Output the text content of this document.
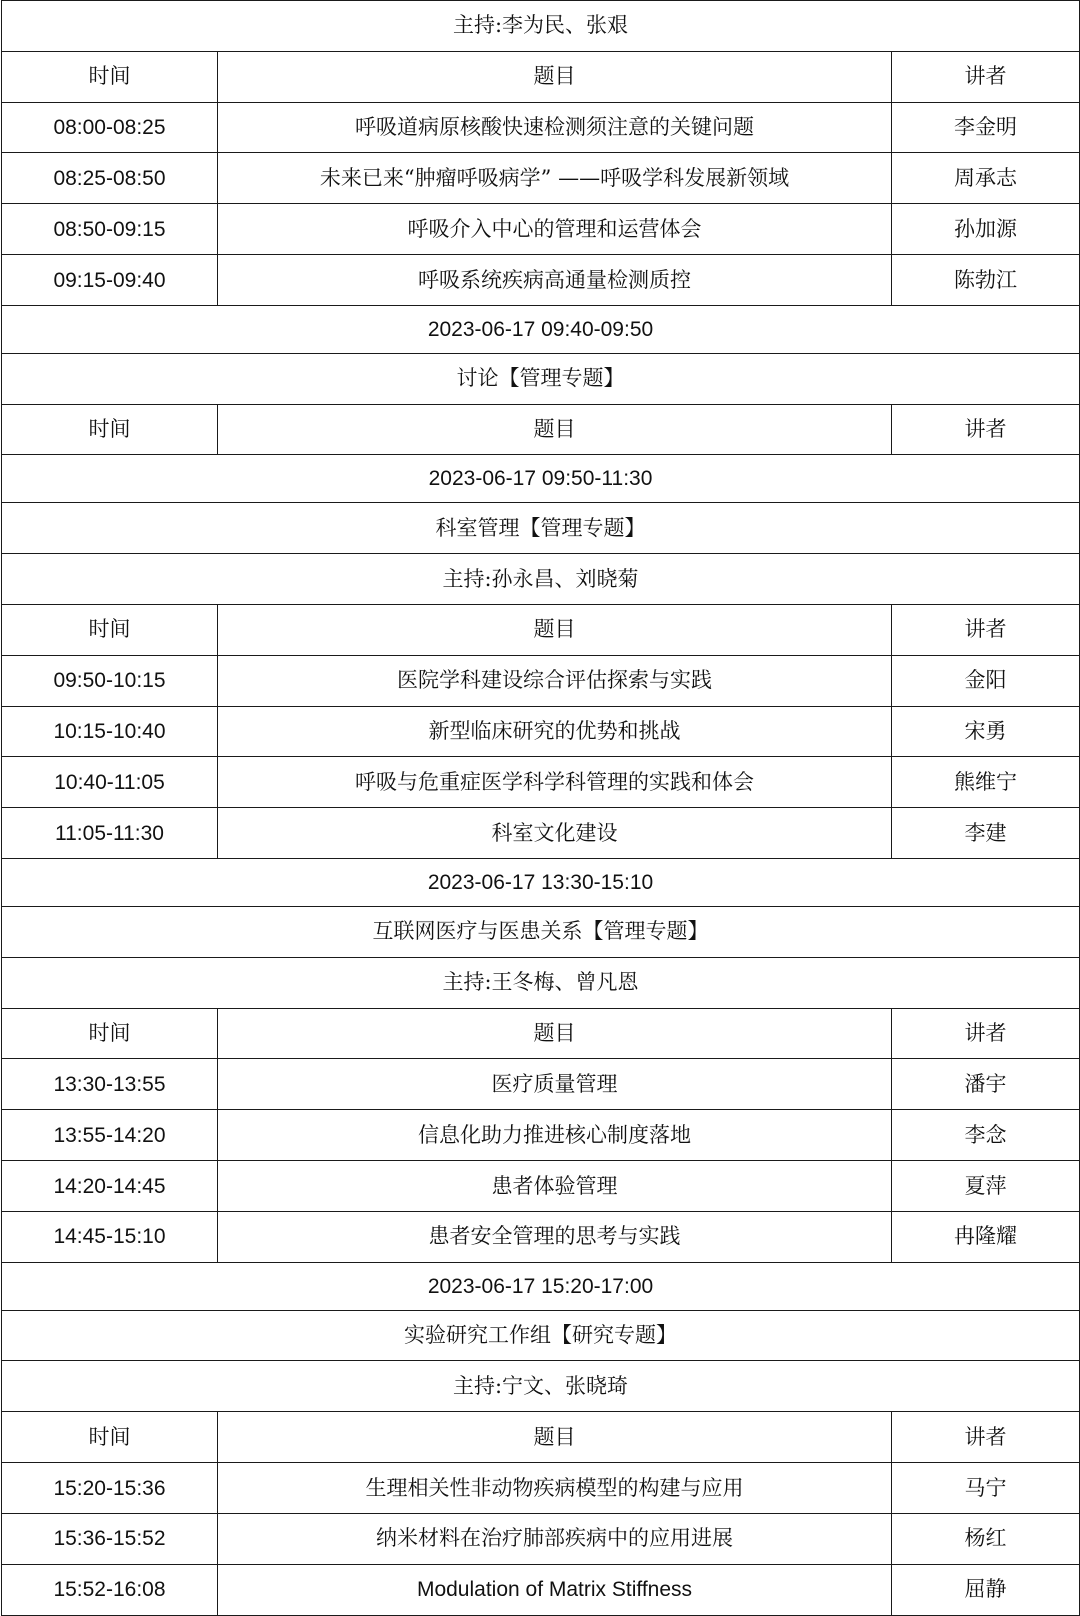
主持:李为民、张艰		
时间	题目	讲者
08:00-08:25	呼吸道病原核酸快速检测须注意的关键问题	李金明
08:25-08:50	未来已来“肿瘤呼吸病学” ——呼吸学科发展新领域	周承志
08:50-09:15	呼吸介入中心的管理和运营体会	孙加源
09:15-09:40	呼吸系统疾病高通量检测质控	陈勃江
2023-06-17 09:40-09:50		
讨论【管理专题】		
时间	题目	讲者
2023-06-17 09:50-11:30		
科室管理【管理专题】		
主持:孙永昌、刘晓菊		
时间	题目	讲者
09:50-10:15	医院学科建设综合评估探索与实践	金阳
10:15-10:40	新型临床研究的优势和挑战	宋勇
10:40-11:05	呼吸与危重症医学科学科管理的实践和体会	熊维宁
11:05-11:30	科室文化建设	李建
2023-06-17 13:30-15:10		
互联网医疗与医患关系【管理专题】		
主持:王冬梅、曾凡恩		
时间	题目	讲者
13:30-13:55	医疗质量管理	潘宇
13:55-14:20	信息化助力推进核心制度落地	李念
14:20-14:45	患者体验管理	夏萍
14:45-15:10	患者安全管理的思考与实践	冉隆耀
2023-06-17 15:20-17:00		
实验研究工作组【研究专题】		
主持:宁文、张晓琦		
时间	题目	讲者
15:20-15:36	生理相关性非动物疾病模型的构建与应用	马宁
15:36-15:52	纳米材料在治疗肺部疾病中的应用进展	杨红
15:52-16:08	Modulation of Matrix Stiffness	屈静
